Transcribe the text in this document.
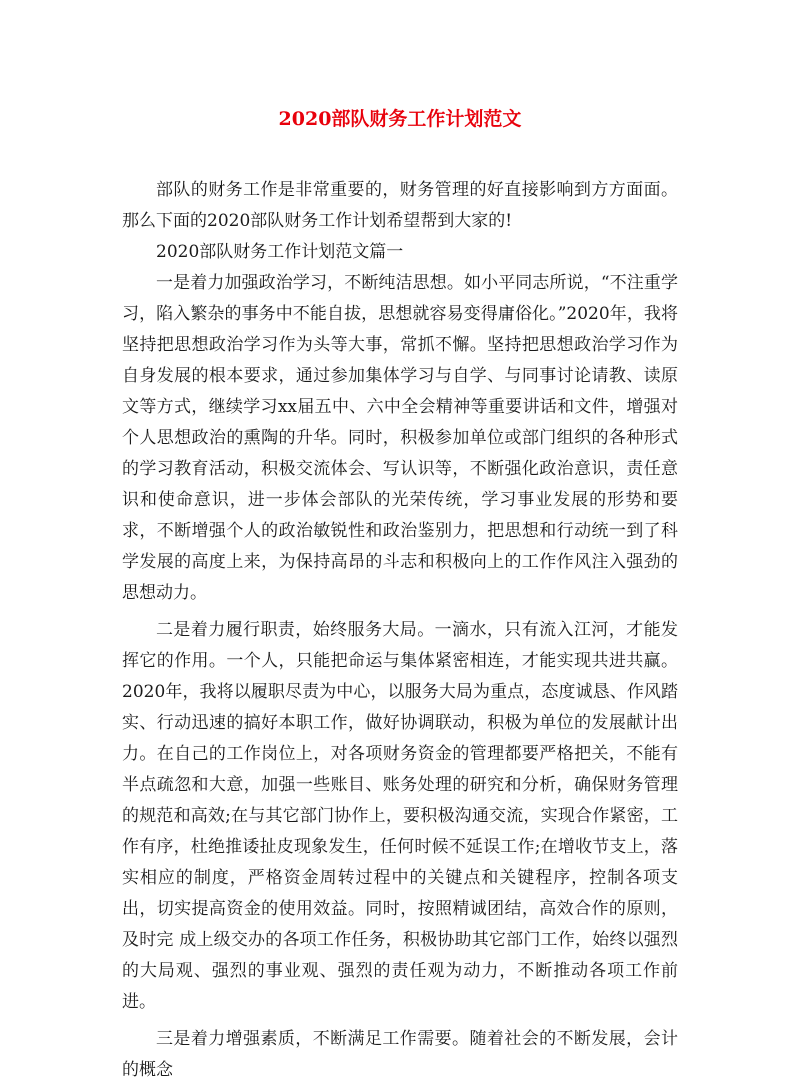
2020部队财务工作计划范文

部队的财务工作是非常重要的，财务管理的好直接影响到方方面面。那么下面的2020部队财务工作计划希望帮到大家的!

2020部队财务工作计划范文篇一

一是着力加强政治学习，不断纯洁思想。如小平同志所说，“不注重学习，陷入繁杂的事务中不能自拔，思想就容易变得庸俗化。”2020年，我将坚持把思想政治学习作为头等大事，常抓不懈。坚持把思想政治学习作为自身发展的根本要求，通过参加集体学习与自学、与同事讨论请教、读原文等方式，继续学习xx届五中、六中全会精神等重要讲话和文件，增强对个人思想政治的熏陶的升华。同时，积极参加单位或部门组织的各种形式的学习教育活动，积极交流体会、写认识等，不断强化政治意识，责任意识和使命意识，进一步体会部队的光荣传统，学习事业发展的形势和要求，不断增强个人的政治敏锐性和政治鉴别力，把思想和行动统一到了科学发展的高度上来，为保持高昂的斗志和积极向上的工作作风注入强劲的思想动力。

二是着力履行职责，始终服务大局。一滴水，只有流入江河，才能发挥它的作用。一个人，只能把命运与集体紧密相连，才能实现共进共赢。2020年，我将以履职尽责为中心，以服务大局为重点，态度诚恳、作风踏实、行动迅速的搞好本职工作，做好协调联动，积极为单位的发展献计出力。在自己的工作岗位上，对各项财务资金的管理都要严格把关，不能有半点疏忽和大意，加强一些账目、账务处理的研究和分析，确保财务管理的规范和高效;在与其它部门协作上，要积极沟通交流，实现合作紧密，工作有序，杜绝推诿扯皮现象发生，任何时候不延误工作;在增收节支上，落实相应的制度，严格资金周转过程中的关键点和关键程序，控制各项支出，切实提高资金的使用效益。同时，按照精诚团结，高效合作的原则，及时完 成上级交办的各项工作任务，积极协助其它部门工作，始终以强烈的大局观、强烈的事业观、强烈的责任观为动力，不断推动各项工作前进。

三是着力增强素质，不断满足工作需要。随着社会的不断发展，会计的概念
